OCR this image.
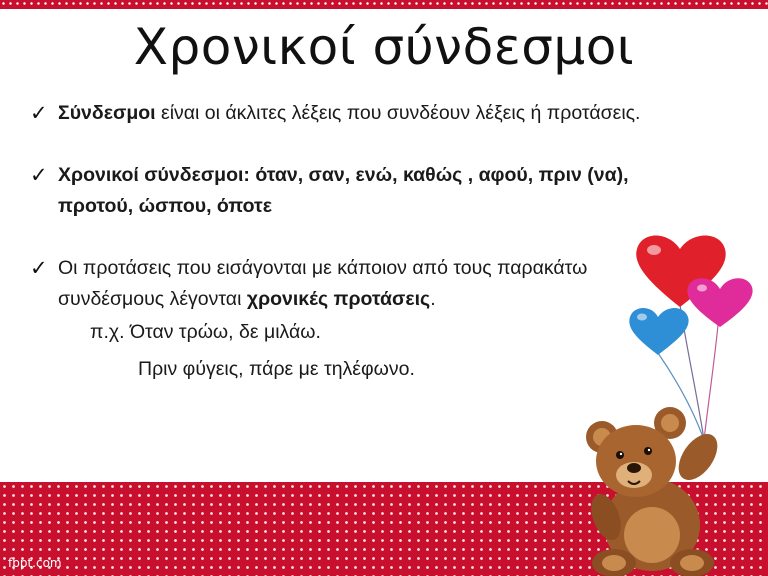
Χρονικοί σύνδεσμοι
✓ Σύνδεσμοι είναι οι άκλιτες λέξεις που συνδέουν λέξεις ή προτάσεις.
✓ Χρονικοί σύνδεσμοι: όταν, σαν, ενώ, καθώς , αφού, πριν (να), προτού, ώσπου, όποτε
✓ Οι προτάσεις που εισάγονται με κάποιον από τους παρακάτω συνδέσμους λέγονται χρονικές προτάσεις.
π.χ. Όταν τρώω, δε μιλάω.
Πριν φύγεις, πάρε με τηλέφωνο.
fppt.com
